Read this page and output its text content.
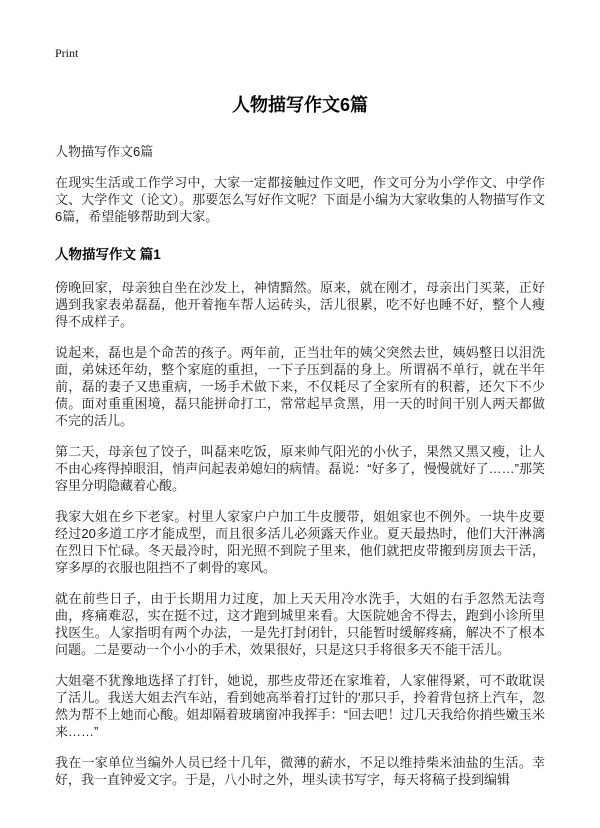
Print
人物描写作文6篇

人物描写作文6篇

在现实生活或工作学习中，大家一定都接触过作文吧，作文可分为小学作文、中学作文、大学作文（论文）。那要怎么写好作文呢？下面是小编为大家收集的人物描写作文6篇，希望能够帮助到大家。

人物描写作文 篇1

傍晚回家，母亲独自坐在沙发上，神情黯然。原来，就在刚才，母亲出门买菜，正好遇到我家表弟磊磊，他开着拖车帮人运砖头，活儿很累，吃不好也睡不好，整个人瘦得不成样子。

说起来，磊也是个命苦的孩子。两年前，正当壮年的姨父突然去世，姨妈整日以泪洗面，弟妹还年幼，整个家庭的重担，一下子压到磊的身上。所谓祸不单行，就在半年前，磊的妻子又患重病，一场手术做下来，不仅耗尽了全家所有的积蓄，还欠下不少债。面对重重困境，磊只能拼命打工，常常起早贪黑，用一天的时间干别人两天都做不完的活儿。

第二天，母亲包了饺子，叫磊来吃饭，原来帅气阳光的小伙子，果然又黑又瘦，让人不由心疼得掉眼泪，悄声问起表弟媳妇的病情。磊说：“好多了，慢慢就好了……”那笑容里分明隐藏着心酸。

我家大姐在乡下老家。村里人家家户户加工牛皮腰带，姐姐家也不例外。一块牛皮要经过20多道工序才能成型，而且很多活儿必须露天作业。夏天最热时，他们大汗淋漓在烈日下忙碌。冬天最冷时，阳光照不到院子里来，他们就把皮带搬到房顶去干活，穿多厚的衣服也阻挡不了刺骨的寒风。

就在前些日子，由于长期用力过度，加上天天用冷水洗手，大姐的右手忽然无法弯曲，疼痛难忍，实在挺不过，这才跑到城里来看。大医院她舍不得去，跑到小诊所里找医生。人家指明有两个办法，一是先打封闭针，只能暂时缓解疼痛，解决不了根本问题。二是要动一个小小的手术，效果很好，只是这只手将很多天不能干活儿。

大姐毫不犹豫地选择了打针，她说，那些皮带还在家堆着，人家催得紧，可不敢耽误了活儿。我送大姐去汽车站，看到她高举着打过针的'那只手，拎着背包挤上汽车，忽然为帮不上她而心酸。姐却隔着玻璃窗冲我挥手：“回去吧！过几天我给你捎些嫩玉米来……”

我在一家单位当编外人员已经十几年，微薄的薪水，不足以维持柴米油盐的生活。幸好，我一直钟爱文字。于是，八小时之外，埋头读书写字，每天将稿子投到编辑
